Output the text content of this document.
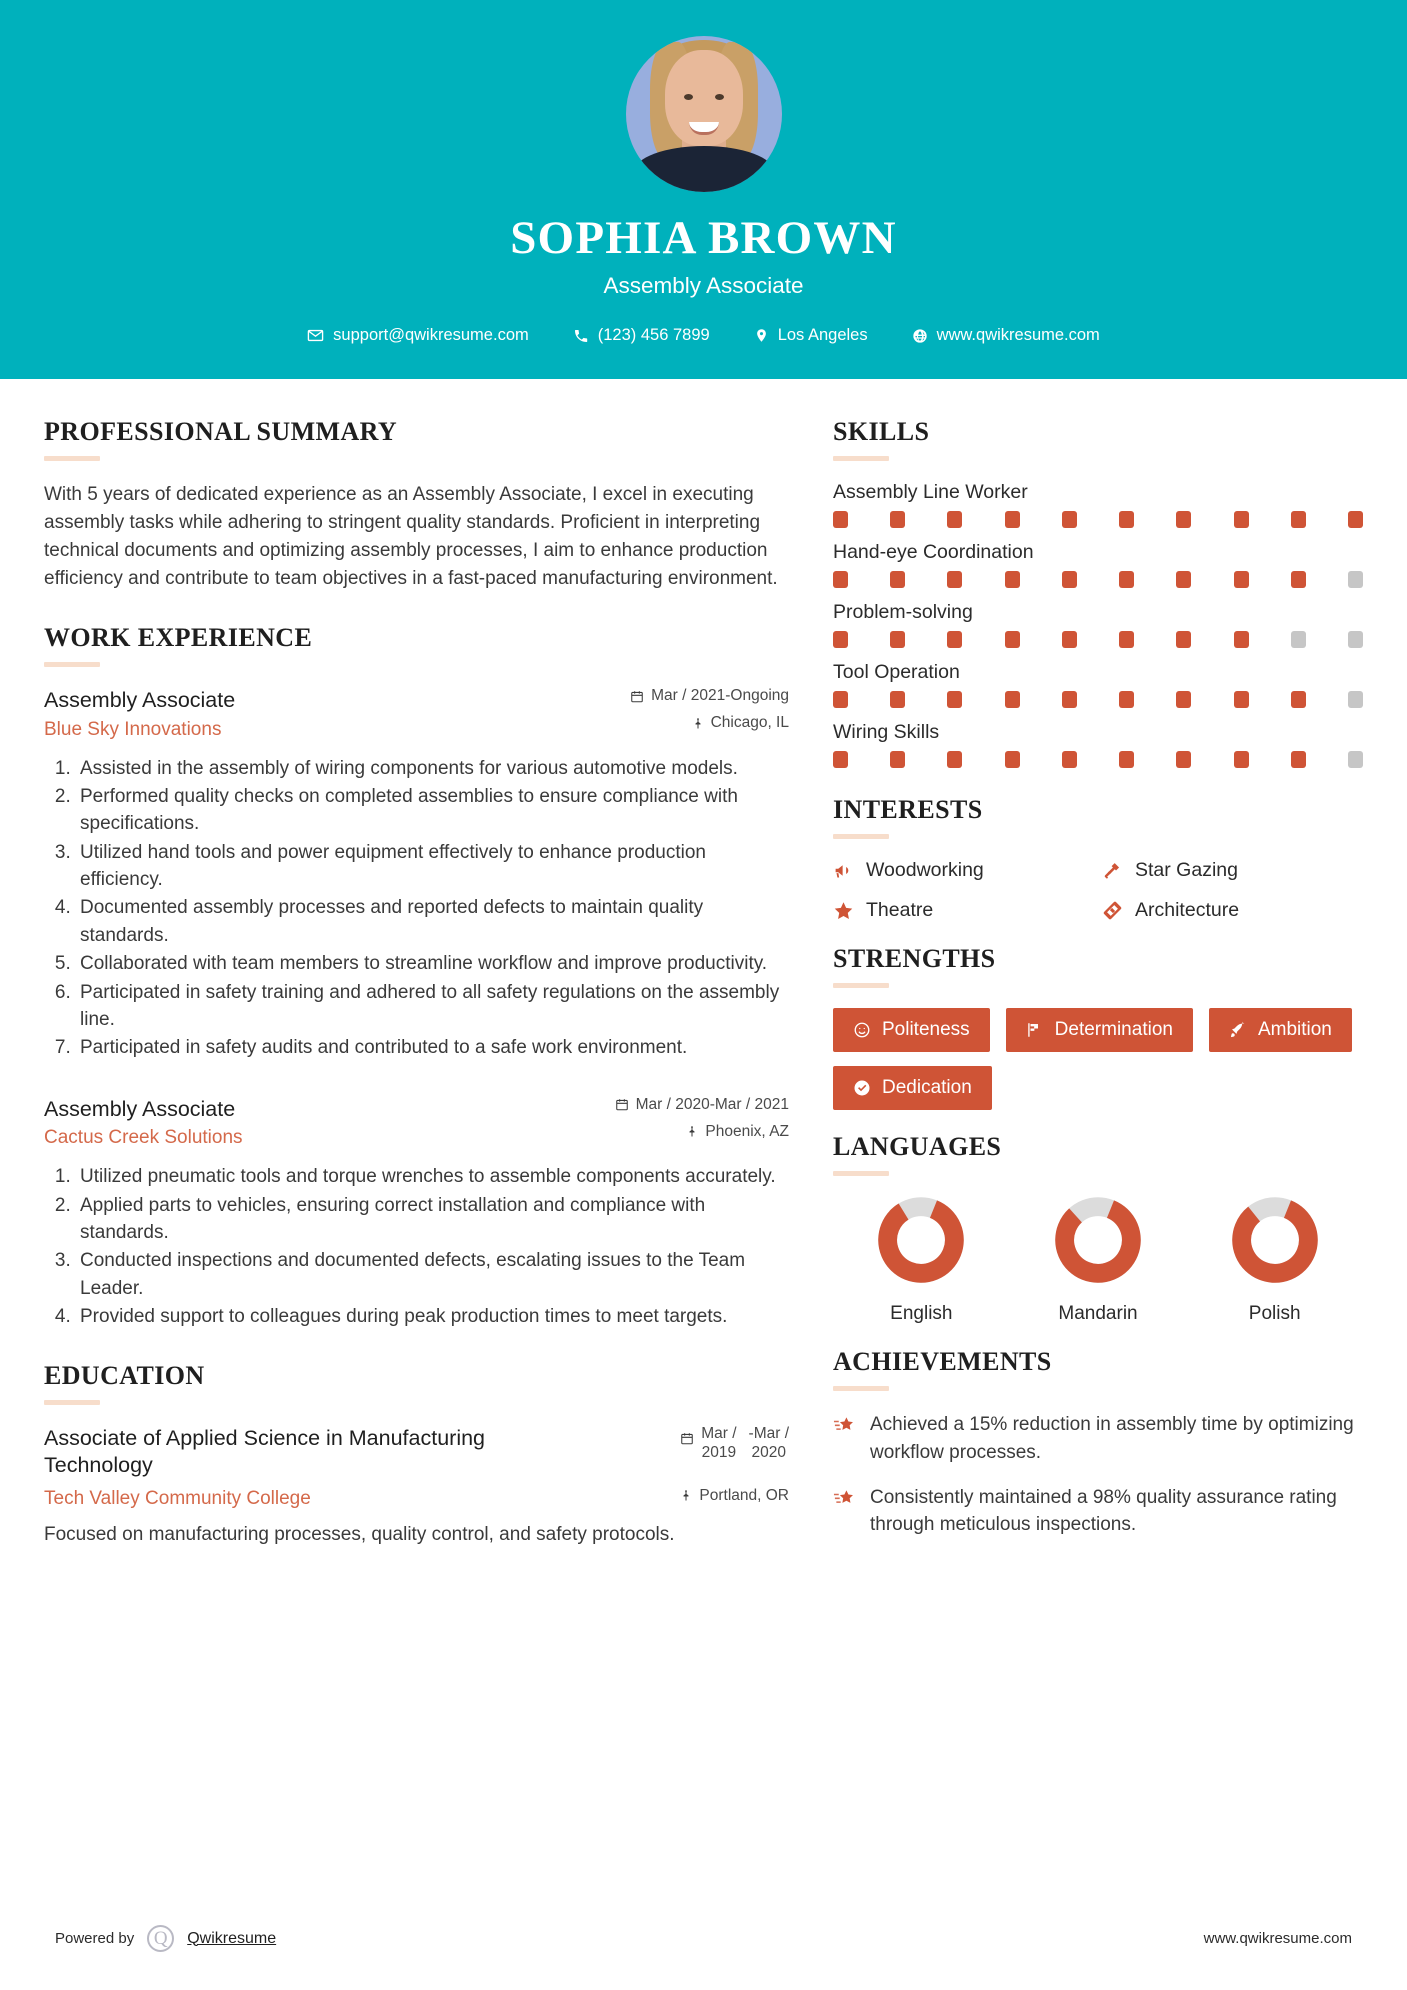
SOPHIA BROWN
Assembly Associate
support@qwikresume.com	(123) 456 7899	Los Angeles	www.qwikresume.com
PROFESSIONAL SUMMARY
With 5 years of dedicated experience as an Assembly Associate, I excel in executing assembly tasks while adhering to stringent quality standards. Proficient in interpreting technical documents and optimizing assembly processes, I aim to enhance production efficiency and contribute to team objectives in a fast-paced manufacturing environment.
WORK EXPERIENCE
Assembly Associate
Blue Sky Innovations
Mar / 2021-Ongoing
Chicago, IL
1. Assisted in the assembly of wiring components for various automotive models.
2. Performed quality checks on completed assemblies to ensure compliance with specifications.
3. Utilized hand tools and power equipment effectively to enhance production efficiency.
4. Documented assembly processes and reported defects to maintain quality standards.
5. Collaborated with team members to streamline workflow and improve productivity.
6. Participated in safety training and adhered to all safety regulations on the assembly line.
7. Participated in safety audits and contributed to a safe work environment.
Assembly Associate
Cactus Creek Solutions
Mar / 2020-Mar / 2021
Phoenix, AZ
1. Utilized pneumatic tools and torque wrenches to assemble components accurately.
2. Applied parts to vehicles, ensuring correct installation and compliance with standards.
3. Conducted inspections and documented defects, escalating issues to the Team Leader.
4. Provided support to colleagues during peak production times to meet targets.
EDUCATION
Associate of Applied Science in Manufacturing Technology
Tech Valley Community College
Mar /
2019
-Mar /
2020
Portland, OR
Focused on manufacturing processes, quality control, and safety protocols.
SKILLS
Assembly Line Worker
Hand-eye Coordination
Problem-solving
Tool Operation
Wiring Skills
INTERESTS
Woodworking	Star Gazing
Theatre	Architecture
STRENGTHS
Politeness	Determination	Ambition
Dedication
LANGUAGES
English	Mandarin	Polish
ACHIEVEMENTS
Achieved a 15% reduction in assembly time by optimizing workflow processes.
Consistently maintained a 98% quality assurance rating through meticulous inspections.
Powered by	Q	Qwikresume	www.qwikresume.com
